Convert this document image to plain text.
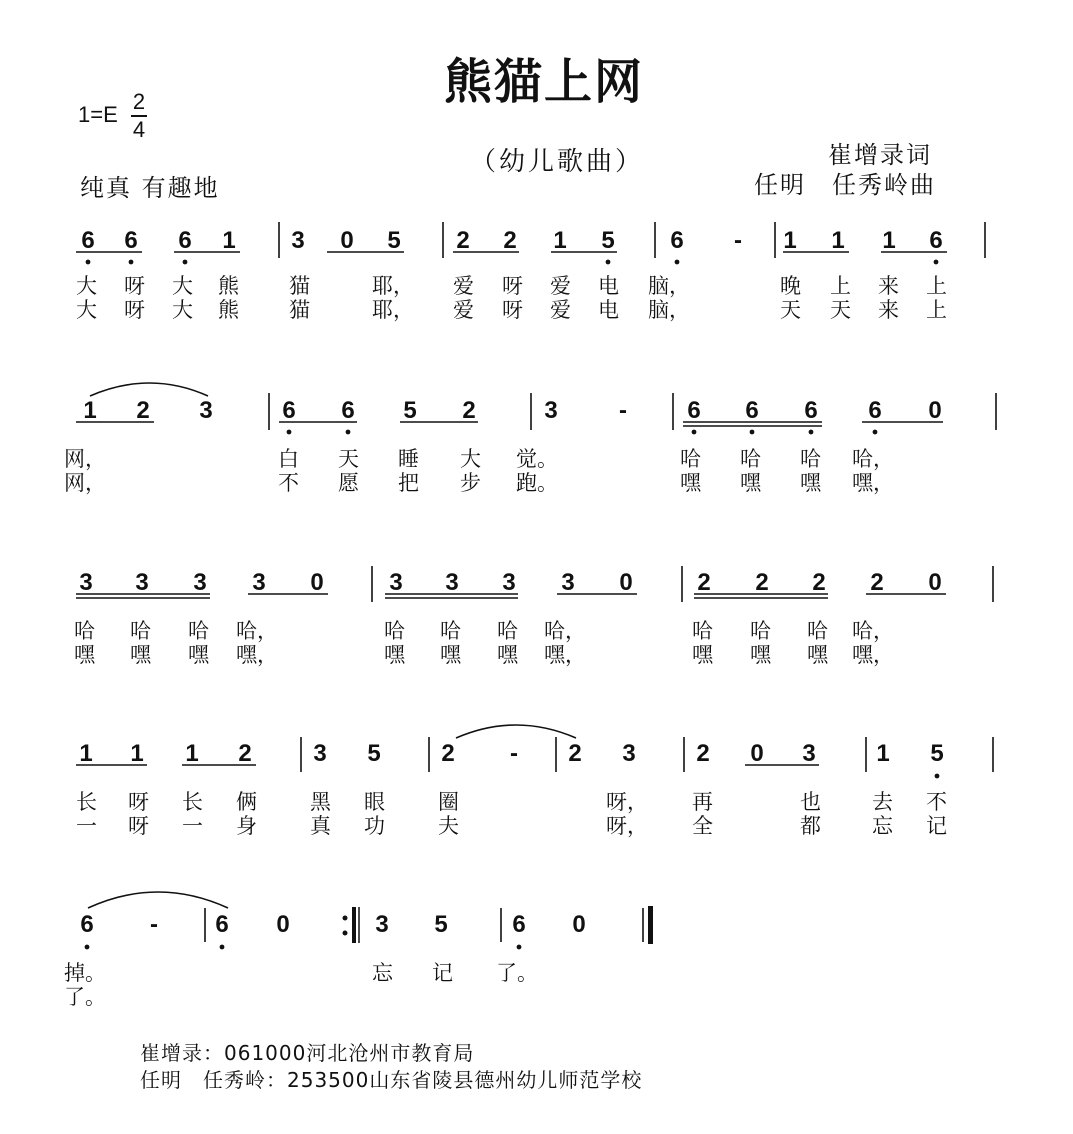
熊猫上网
1=E
2
4
（幼儿歌曲）	崔增录词
任明　任秀岭曲
纯真 有趣地
6 6 6 1 3 0 5 2 2 1 5 6	-	1 1 1 6
大 呀 大 熊 猫	耶， 爱 呀 爱 电 脑，	晚 上 来 上
大 呀 大 熊 猫	耶， 爱 呀 爱 电 脑，	天 天 来 上
1 2 3	6 6 5 2	3	-	6 6 6 6 0
网，	白 天 睡 大 觉。	哈 哈 哈 哈，
网，	不 愿 把 步 跑。	嘿 嘿 嘿 嘿，
3 3 3 3 0	3 3 3 3 0	2 2 2 2 0
哈 哈 哈 哈，	哈 哈 哈 哈，	哈 哈 哈 哈，
嘿 嘿 嘿 嘿，	嘿 嘿 嘿 嘿，	嘿 嘿 嘿 嘿，
1 1 1 2	3 5	2	-	2 3	2 0 3	1 5
长 呀 长 俩	黑 眼	圈	呀， 再	也 去 不
一 呀 一 身	真 功	夫	呀， 全	都 忘 记
6	-	6 0	3 5	6 0
掉。	忘 记 了。
了。
崔增录：061000河北沧州市教育局
任明　任秀岭：253500山东省陵县德州幼儿师范学校
